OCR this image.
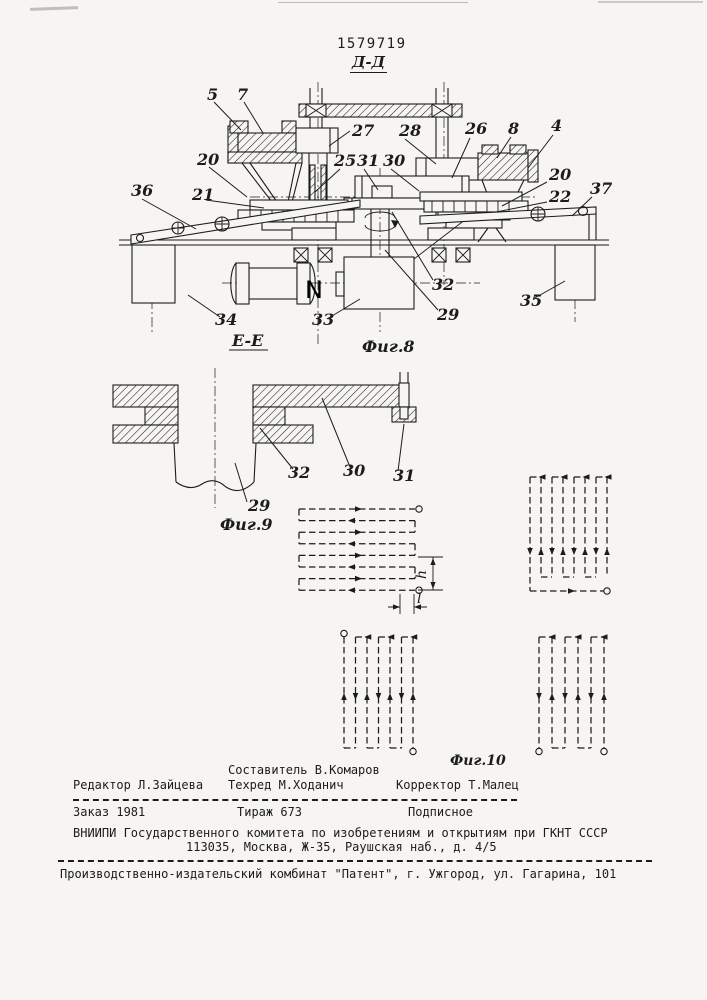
1579719
Д-Д
5 7
27 28	26 8 4
20	25 31 30
20
22 37
36 21
34	33
32
29
35
N
E-E	Фиг.8
32 30 31
29
Фиг.9
h
l
Фиг.10
Составитель В.Комаров
Редактор Л.Зайцева Техред М.Ходанич	Корректор Т.Малец
Заказ 1981	Тираж 673	Подписное
ВНИИПИ Государственного комитета по изобретениям и открытиям при ГКНТ СССР
113035, Москва, Ж-35, Раушская наб., д. 4/5
Производственно-издательский комбинат "Патент", г. Ужгород, ул. Гагарина, 101
